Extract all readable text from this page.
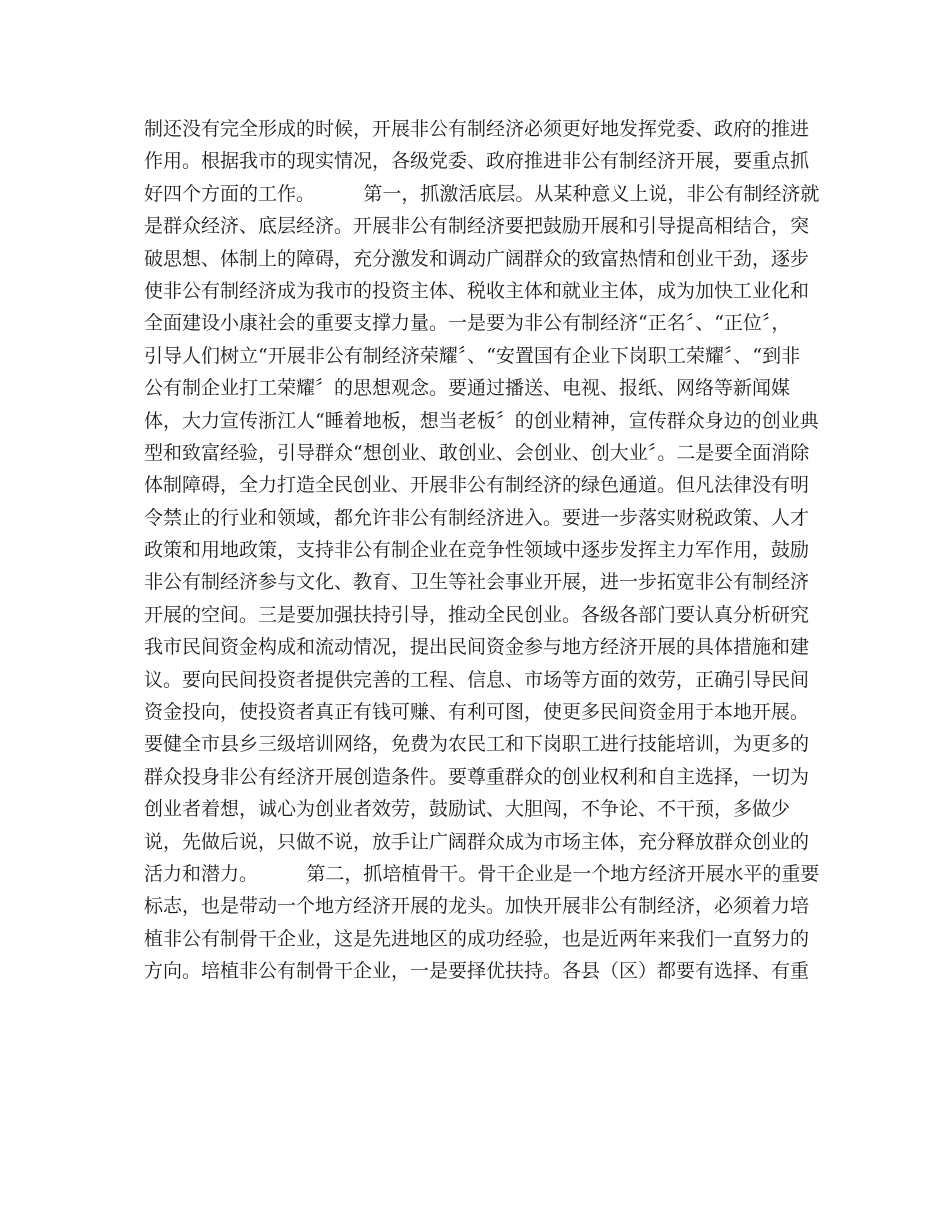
制还没有完全形成的时候，开展非公有制经济必须更好地发挥党委、政府的推进
作用。根据我市的现实情况，各级党委、政府推进非公有制经济开展，要重点抓
好四个方面的工作。        第一，抓激活底层。从某种意义上说，非公有制经济就
是群众经济、底层经济。开展非公有制经济要把鼓励开展和引导提高相结合，突
破思想、体制上的障碍，充分激发和调动广阔群众的致富热情和创业干劲，逐步
使非公有制经济成为我市的投资主体、税收主体和就业主体，成为加快工业化和
全面建设小康社会的重要支撑力量。一是要为非公有制经济“正名〞、“正位〞，
引导人们树立“开展非公有制经济荣耀〞、“安置国有企业下岗职工荣耀〞、“到非
公有制企业打工荣耀〞的思想观念。要通过播送、电视、报纸、网络等新闻媒
体，大力宣传浙江人“睡着地板，想当老板〞的创业精神，宣传群众身边的创业典
型和致富经验，引导群众“想创业、敢创业、会创业、创大业〞。二是要全面消除
体制障碍，全力打造全民创业、开展非公有制经济的绿色通道。但凡法律没有明
令禁止的行业和领域，都允许非公有制经济进入。要进一步落实财税政策、人才
政策和用地政策，支持非公有制企业在竞争性领域中逐步发挥主力军作用，鼓励
非公有制经济参与文化、教育、卫生等社会事业开展，进一步拓宽非公有制经济
开展的空间。三是要加强扶持引导，推动全民创业。各级各部门要认真分析研究
我市民间资金构成和流动情况，提出民间资金参与地方经济开展的具体措施和建
议。要向民间投资者提供完善的工程、信息、市场等方面的效劳，正确引导民间
资金投向，使投资者真正有钱可赚、有利可图，使更多民间资金用于本地开展。
要健全市县乡三级培训网络，免费为农民工和下岗职工进行技能培训，为更多的
群众投身非公有经济开展创造条件。要尊重群众的创业权利和自主选择，一切为
创业者着想，诚心为创业者效劳，鼓励试、大胆闯，不争论、不干预，多做少
说，先做后说，只做不说，放手让广阔群众成为市场主体，充分释放群众创业的
活力和潜力。        第二，抓培植骨干。骨干企业是一个地方经济开展水平的重要
标志，也是带动一个地方经济开展的龙头。加快开展非公有制经济，必须着力培
植非公有制骨干企业，这是先进地区的成功经验，也是近两年来我们一直努力的
方向。培植非公有制骨干企业，一是要择优扶持。各县（区）都要有选择、有重
